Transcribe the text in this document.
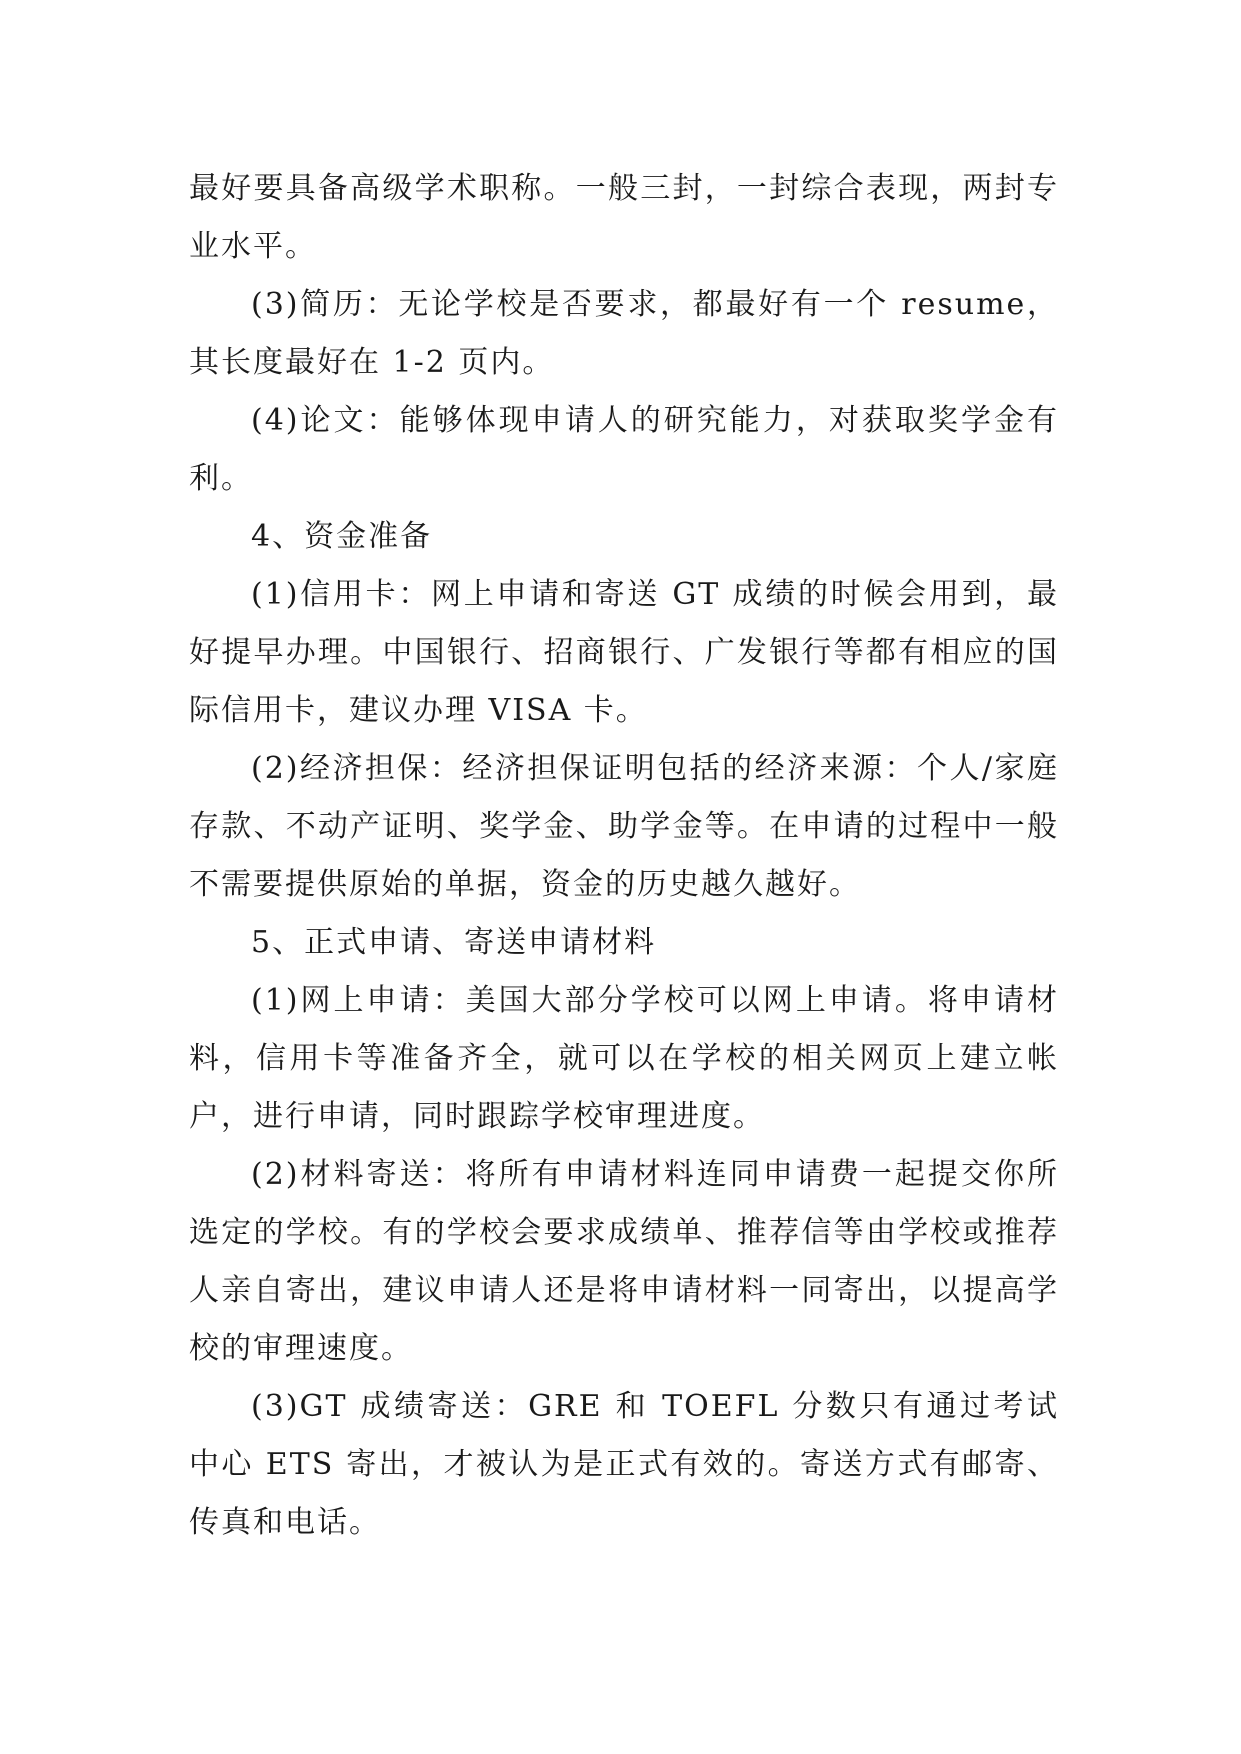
最好要具备高级学术职称。一般三封，一封综合表现，两封专业水平。

(3)简历：无论学校是否要求，都最好有一个 resume，其长度最好在 1-2 页内。

(4)论文：能够体现申请人的研究能力，对获取奖学金有利。

4、资金准备

(1)信用卡：网上申请和寄送 GT 成绩的时候会用到，最好提早办理。中国银行、招商银行、广发银行等都有相应的国际信用卡，建议办理 VISA 卡。

(2)经济担保：经济担保证明包括的经济来源：个人/家庭存款、不动产证明、奖学金、助学金等。在申请的过程中一般不需要提供原始的单据，资金的历史越久越好。

5、正式申请、寄送申请材料

(1)网上申请：美国大部分学校可以网上申请。将申请材料，信用卡等准备齐全，就可以在学校的相关网页上建立帐户，进行申请，同时跟踪学校审理进度。

(2)材料寄送：将所有申请材料连同申请费一起提交你所选定的学校。有的学校会要求成绩单、推荐信等由学校或推荐人亲自寄出，建议申请人还是将申请材料一同寄出，以提高学校的审理速度。

(3)GT 成绩寄送：GRE 和 TOEFL 分数只有通过考试中心 ETS 寄出，才被认为是正式有效的。寄送方式有邮寄、传真和电话。
